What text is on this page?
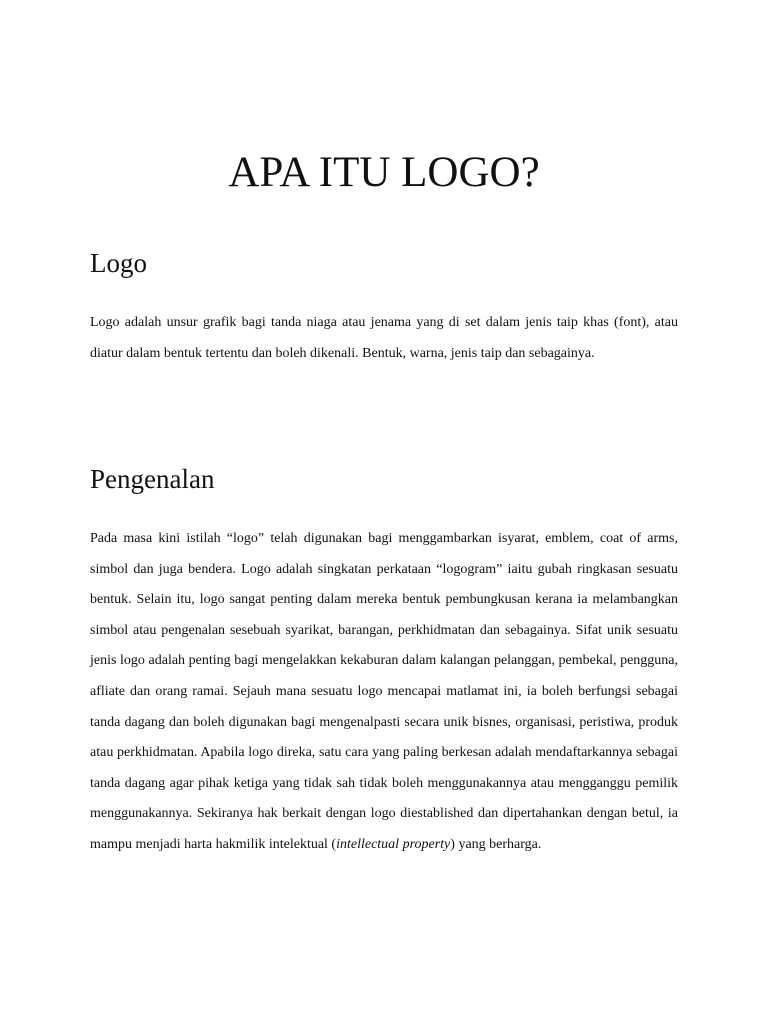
APA ITU LOGO?
Logo

Logo adalah unsur grafik bagi tanda niaga atau jenama yang di set dalam jenis taip khas (font), atau diatur dalam bentuk tertentu dan boleh dikenali. Bentuk, warna, jenis taip dan sebagainya.

Pengenalan

Pada masa kini istilah “logo” telah digunakan bagi menggambarkan isyarat, emblem, coat of arms, simbol dan juga bendera. Logo adalah singkatan perkataan “logogram” iaitu gubah ringkasan sesuatu bentuk. Selain itu, logo sangat penting dalam mereka bentuk pembungkusan kerana ia melambangkan simbol atau pengenalan sesebuah syarikat, barangan, perkhidmatan dan sebagainya. Sifat unik sesuatu jenis logo adalah penting bagi mengelakkan kekaburan dalam kalangan pelanggan, pembekal, pengguna, afliate dan orang ramai. Sejauh mana sesuatu logo mencapai matlamat ini, ia boleh berfungsi sebagai tanda dagang dan boleh digunakan bagi mengenalpasti secara unik bisnes, organisasi, peristiwa, produk atau perkhidmatan. Apabila logo direka, satu cara yang paling berkesan adalah mendaftarkannya sebagai tanda dagang agar pihak ketiga yang tidak sah tidak boleh menggunakannya atau mengganggu pemilik menggunakannya. Sekiranya hak berkait dengan logo diestablished dan dipertahankan dengan betul, ia mampu menjadi harta hakmilik intelektual (intellectual property) yang berharga.
